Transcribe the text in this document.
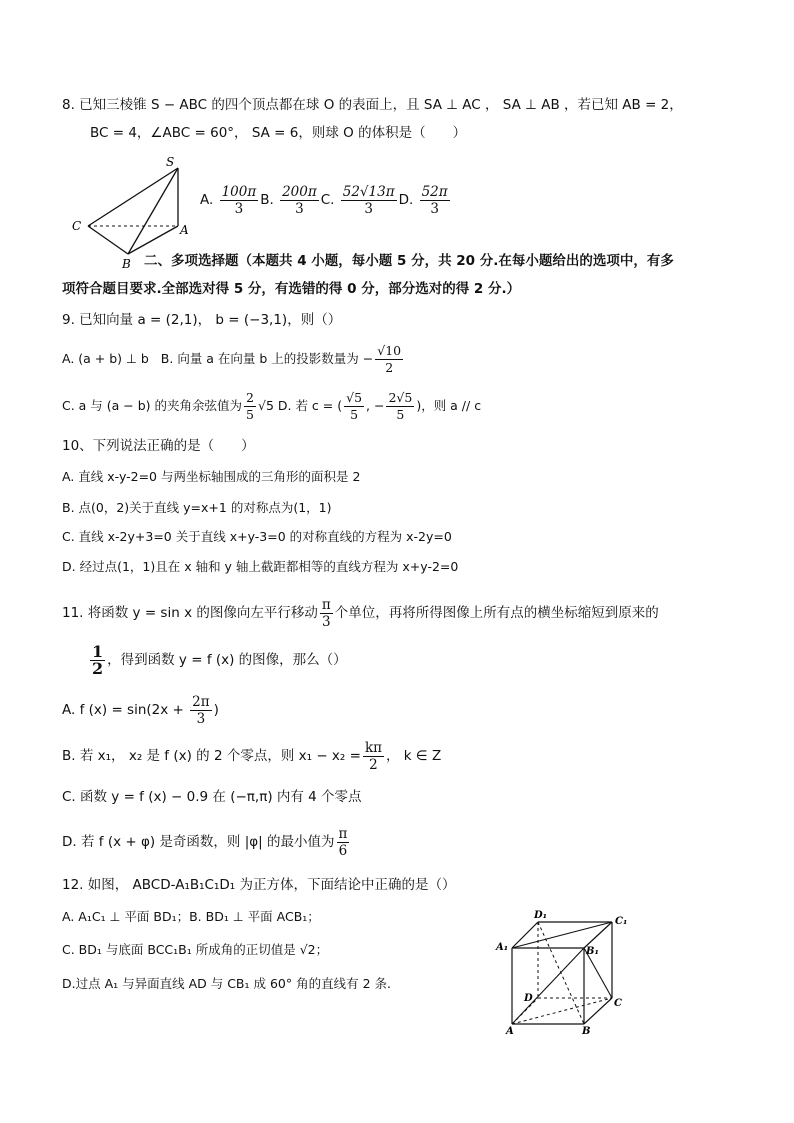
8. 已知三棱锥 S − ABC 的四个顶点都在球 O 的表面上，且 SA ⊥ AC ， SA ⊥ AB ，若已知 AB = 2，
BC = 4，∠ABC = 60°， SA = 6，则球 O 的体积是（　　）
S
C	A
B
A. $\frac{100\pi}{3} B$. $\frac{200\pi}{3} C$. $\frac{52√13\pi}{3} D$. $\frac{52\pi}{3}$
二、多项选择题（本题共 4 小题，每小题 5 分，共 20 分.在每小题给出的选项中，有多
项符合题目要求.全部选对得 5 分，有选错的得 0 分，部分选对的得 2 分.）
9. 已知向量 a = (2,1)， b = (−3,1)，则（）
A. (a + b) ⊥ b B. 向量 a 在向量 b 上的投影数量为 − $\frac{√10}{2}$
C. a 与 (a − b) 的夹角余弦值为 $\frac{2}{5} √5$ D. 若 c = ( $\frac{√5}{5}$ , − $\frac{2√5}{5}$ )，则 a // c
10、下列说法正确的是（　　）
A. 直线 x-y-2=0 与两坐标轴围成的三角形的面积是 2
B. 点(0，2)关于直线 y=x+1 的对称点为(1，1)
C. 直线 x-2y+3=0 关于直线 x+y-3=0 的对称直线的方程为 x-2y=0
D. 经过点(1，1)且在 x 轴和 y 轴上截距都相等的直线方程为 x+y-2=0
11. 将函数 y = sin x 的图像向左平行移动 $\frac{\pi}{3}$ 个单位，再将所得图像上所有点的横坐标缩短到原来的
$\frac{1}{2}$ ，得到函数 y = f (x) 的图像，那么（）
A. f $(x) = \sin(2x + \frac{2\pi}{3}$ )
B. 若 x₁， x₂ 是 f (x) 的 2 个零点，则 $x_1 - x_2 = \frac{k\pi}{2}$ ， k ∈ Z
C. 函数 y = f (x) − 0.9 在 (−π,π) 内有 4 个零点
D. 若 f (x + φ) 是奇函数，则 |φ| 的最小值为 $\frac{\pi}{6}$
12. 如图， ABCD-A₁B₁C₁D₁ 为正方体，下面结论中正确的是（）
A. A₁C₁ ⊥ 平面 BD₁；B. BD₁ ⊥ 平面 ACB₁；
C. BD₁ 与底面 BCC₁B₁ 所成角的正切值是 √2；
D.过点 A₁ 与异面直线 AD 与 CB₁ 成 60° 角的直线有 2 条.
D₁
C₁
A₁	B₁
D	C
A	B
